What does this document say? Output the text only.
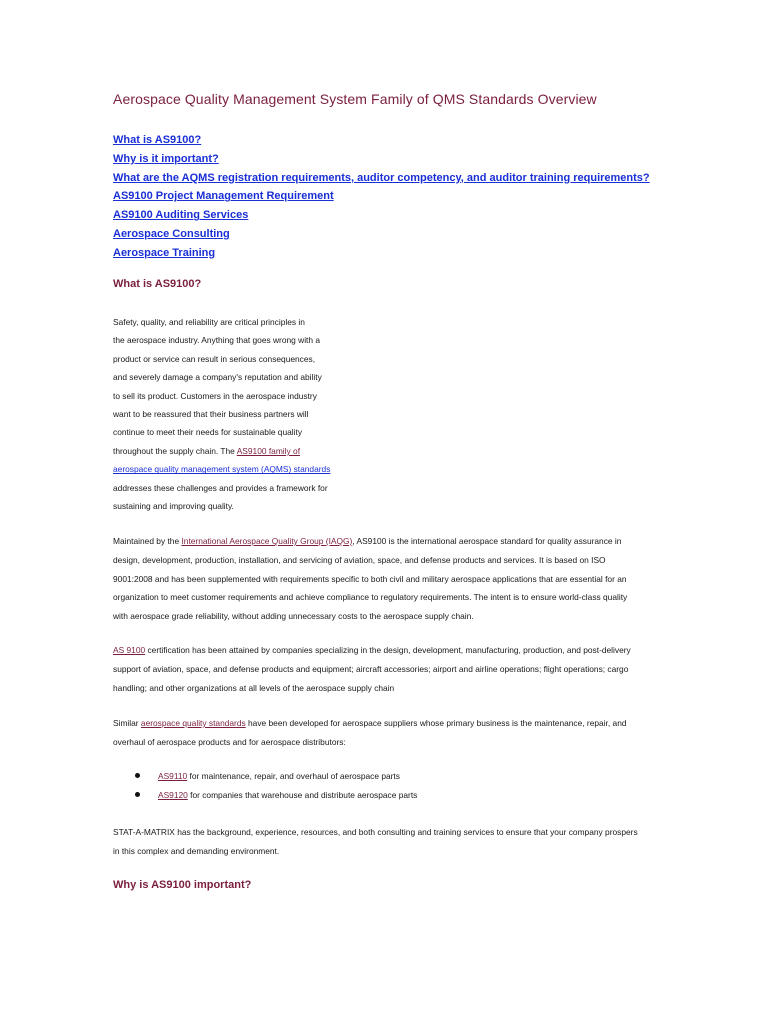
Aerospace Quality Management System Family of QMS Standards Overview
What is AS9100?
Why is it important?
What are the AQMS registration requirements, auditor competency, and auditor training requirements?
AS9100 Project Management Requirement
AS9100 Auditing Services
Aerospace Consulting
Aerospace Training
What is AS9100?
Safety, quality, and reliability are critical principles in
the aerospace industry. Anything that goes wrong with a
product or service can result in serious consequences,
and severely damage a company's reputation and ability
to sell its product. Customers in the aerospace industry
want to be reassured that their business partners will
continue to meet their needs for sustainable quality
throughout the supply chain. The AS9100 family of
aerospace quality management system (AQMS) standards
addresses these challenges and provides a framework for
sustaining and improving quality.

Maintained by the International Aerospace Quality Group (IAQG), AS9100 is the international aerospace standard for quality assurance in design, development, production, installation, and servicing of aviation, space, and defense products and services. It is based on ISO 9001:2008 and has been supplemented with requirements specific to both civil and military aerospace applications that are essential for an organization to meet customer requirements and achieve compliance to regulatory requirements. The intent is to ensure world-class quality with aerospace grade reliability, without adding unnecessary costs to the aerospace supply chain.

AS 9100 certification has been attained by companies specializing in the design, development, manufacturing, production, and post-delivery support of aviation, space, and defense products and equipment; aircraft accessories; airport and airline operations; flight operations; cargo handling; and other organizations at all levels of the aerospace supply chain

Similar aerospace quality standards have been developed for aerospace suppliers whose primary business is the maintenance, repair, and overhaul of aerospace products and for aerospace distributors:

AS9110 for maintenance, repair, and overhaul of aerospace parts
AS9120 for companies that warehouse and distribute aerospace parts

STAT-A-MATRIX has the background, experience, resources, and both consulting and training services to ensure that your company prospers in this complex and demanding environment.

Why is AS9100 important?
